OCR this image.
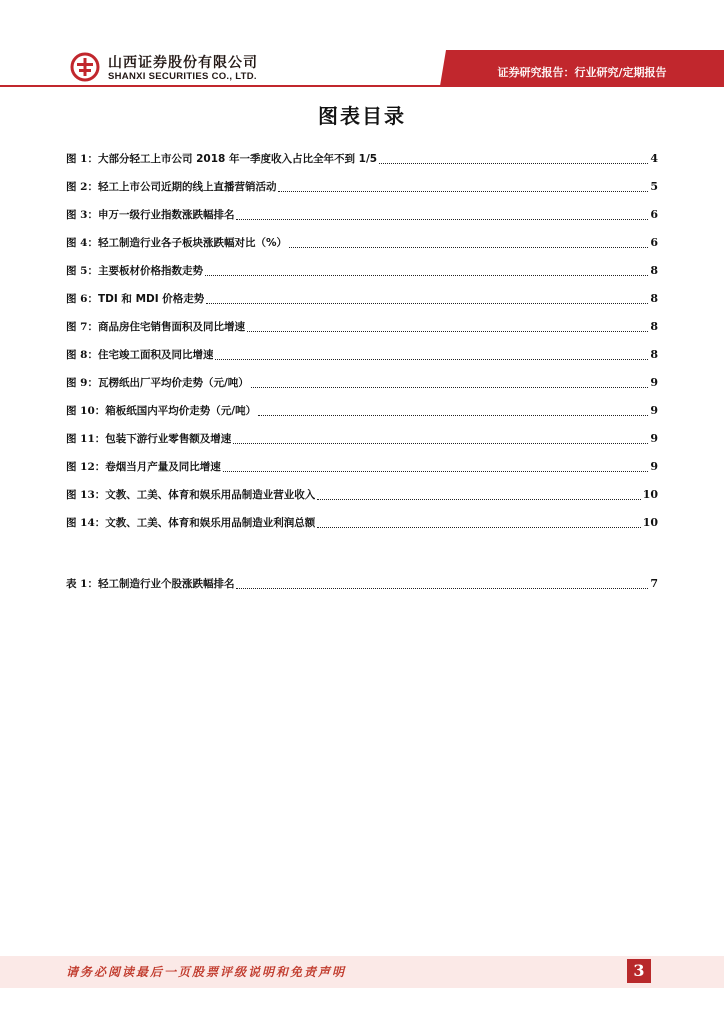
山西证券股份有限公司
SHANXI SECURITIES CO., LTD.	证券研究报告：行业研究/定期报告
图表目录
图 1：大部分轻工上市公司 2018 年一季度收入占比全年不到 1/5	4
图 2：轻工上市公司近期的线上直播营销活动	5
图 3：申万一级行业指数涨跌幅排名	6
图 4：轻工制造行业各子板块涨跌幅对比（%）	6
图 5：主要板材价格指数走势	8
图 6：TDI 和 MDI 价格走势	8
图 7：商品房住宅销售面积及同比增速	8
图 8：住宅竣工面积及同比增速	8
图 9：瓦楞纸出厂平均价走势（元/吨）	9
图 10：箱板纸国内平均价走势（元/吨）	9
图 11：包装下游行业零售额及增速	9
图 12：卷烟当月产量及同比增速	9
图 13：文教、工美、体育和娱乐用品制造业营业收入	10
图 14：文教、工美、体育和娱乐用品制造业利润总额	10
表 1：轻工制造行业个股涨跌幅排名	7
请务必阅读最后一页股票评级说明和免责声明	3
